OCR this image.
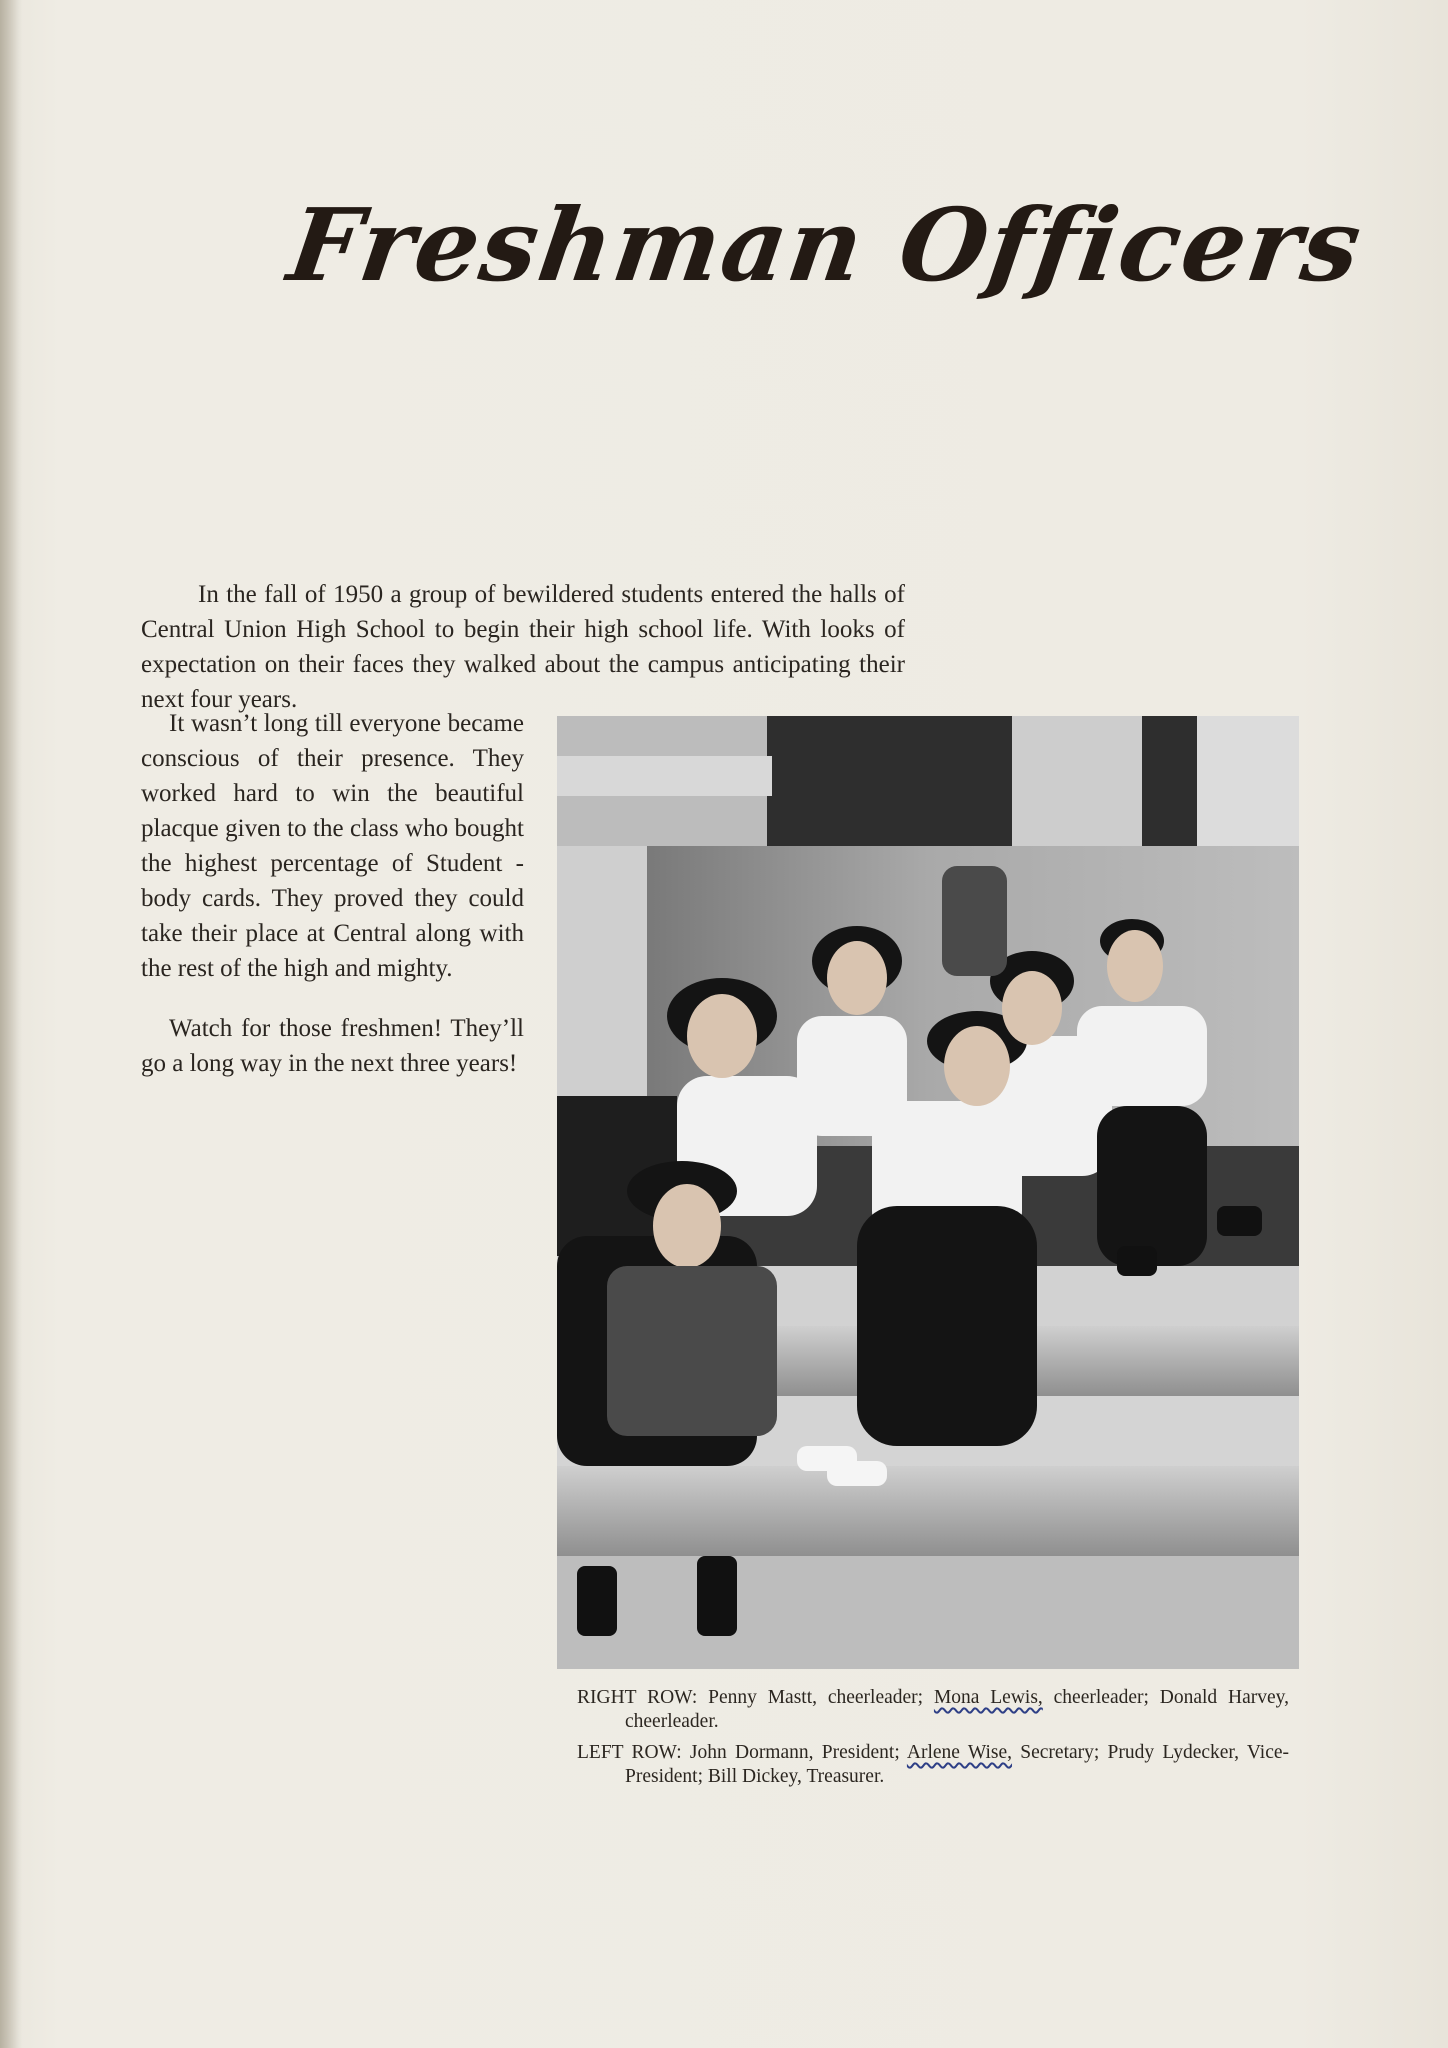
Freshman Officers

In the fall of 1950 a group of bewildered students entered the halls of Central Union High School to begin their high school life. With looks of expectation on their faces they walked about the campus anticipating their next four years.

It wasn’t long till everyone became conscious of their presence. They worked hard to win the beautiful placque given to the class who bought the highest percentage of Student - body cards. They proved they could take their place at Central along with the rest of the high and mighty.

Watch for those freshmen! They’ll go a long way in the next three years!

RIGHT ROW: Penny Mastt, cheerleader; Mona Lewis, cheerleader; Donald Harvey, cheerleader.

LEFT ROW: John Dormann, President; Arlene Wise, Secretary; Prudy Lydecker, Vice-President; Bill Dickey, Treasurer.
